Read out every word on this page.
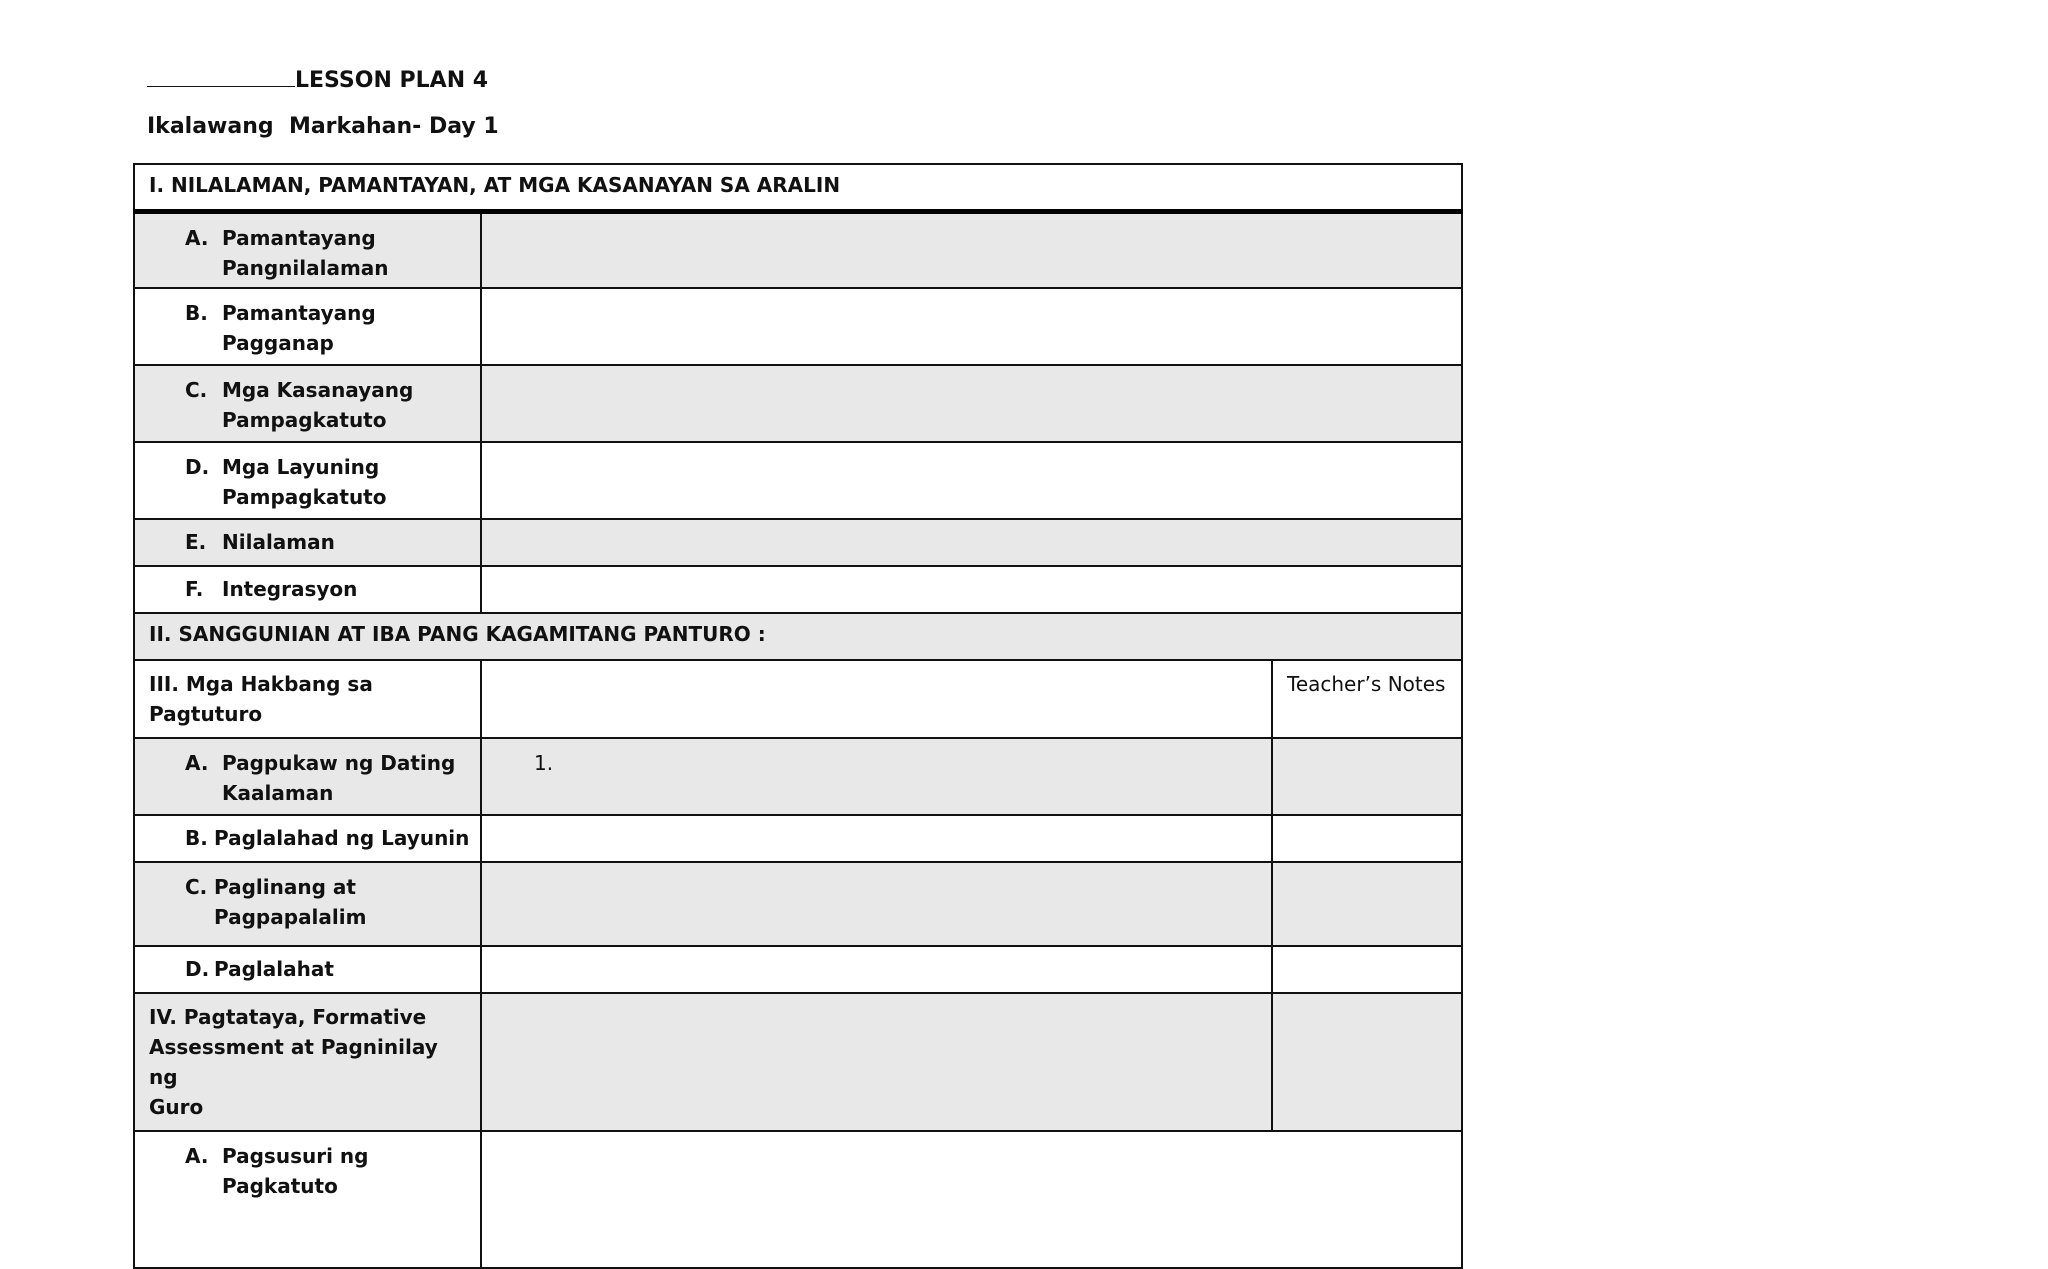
LESSON PLAN 4
Ikalawang  Markahan- Day 1
I. NILALAMAN, PAMANTAYAN, AT MGA KASANAYAN SA ARALIN		

A. Pamantayang
Pangnilalaman		

B. Pamantayang
Pagganap		

C. Mga Kasanayang
Pampagkatuto		

D. Mga Layuning
Pampagkatuto		

E. Nilalaman		

F. Integrasyon		

II. SANGGUNIAN AT IBA PANG KAGAMITANG PANTURO :		
III. Mga Hakbang sa Pagtuturo		Teacher’s Notes

A. Pagpukaw ng Dating
Kaalaman	1.	

B. Paglalahad ng Layunin		

C. Paglinang at
Pagpapalalim		

D. Paglalahat		

IV. Pagtataya, Formative
Assessment at Pagninilay ng
Guro		

A. Pagsusuri ng
Pagkatuto		
